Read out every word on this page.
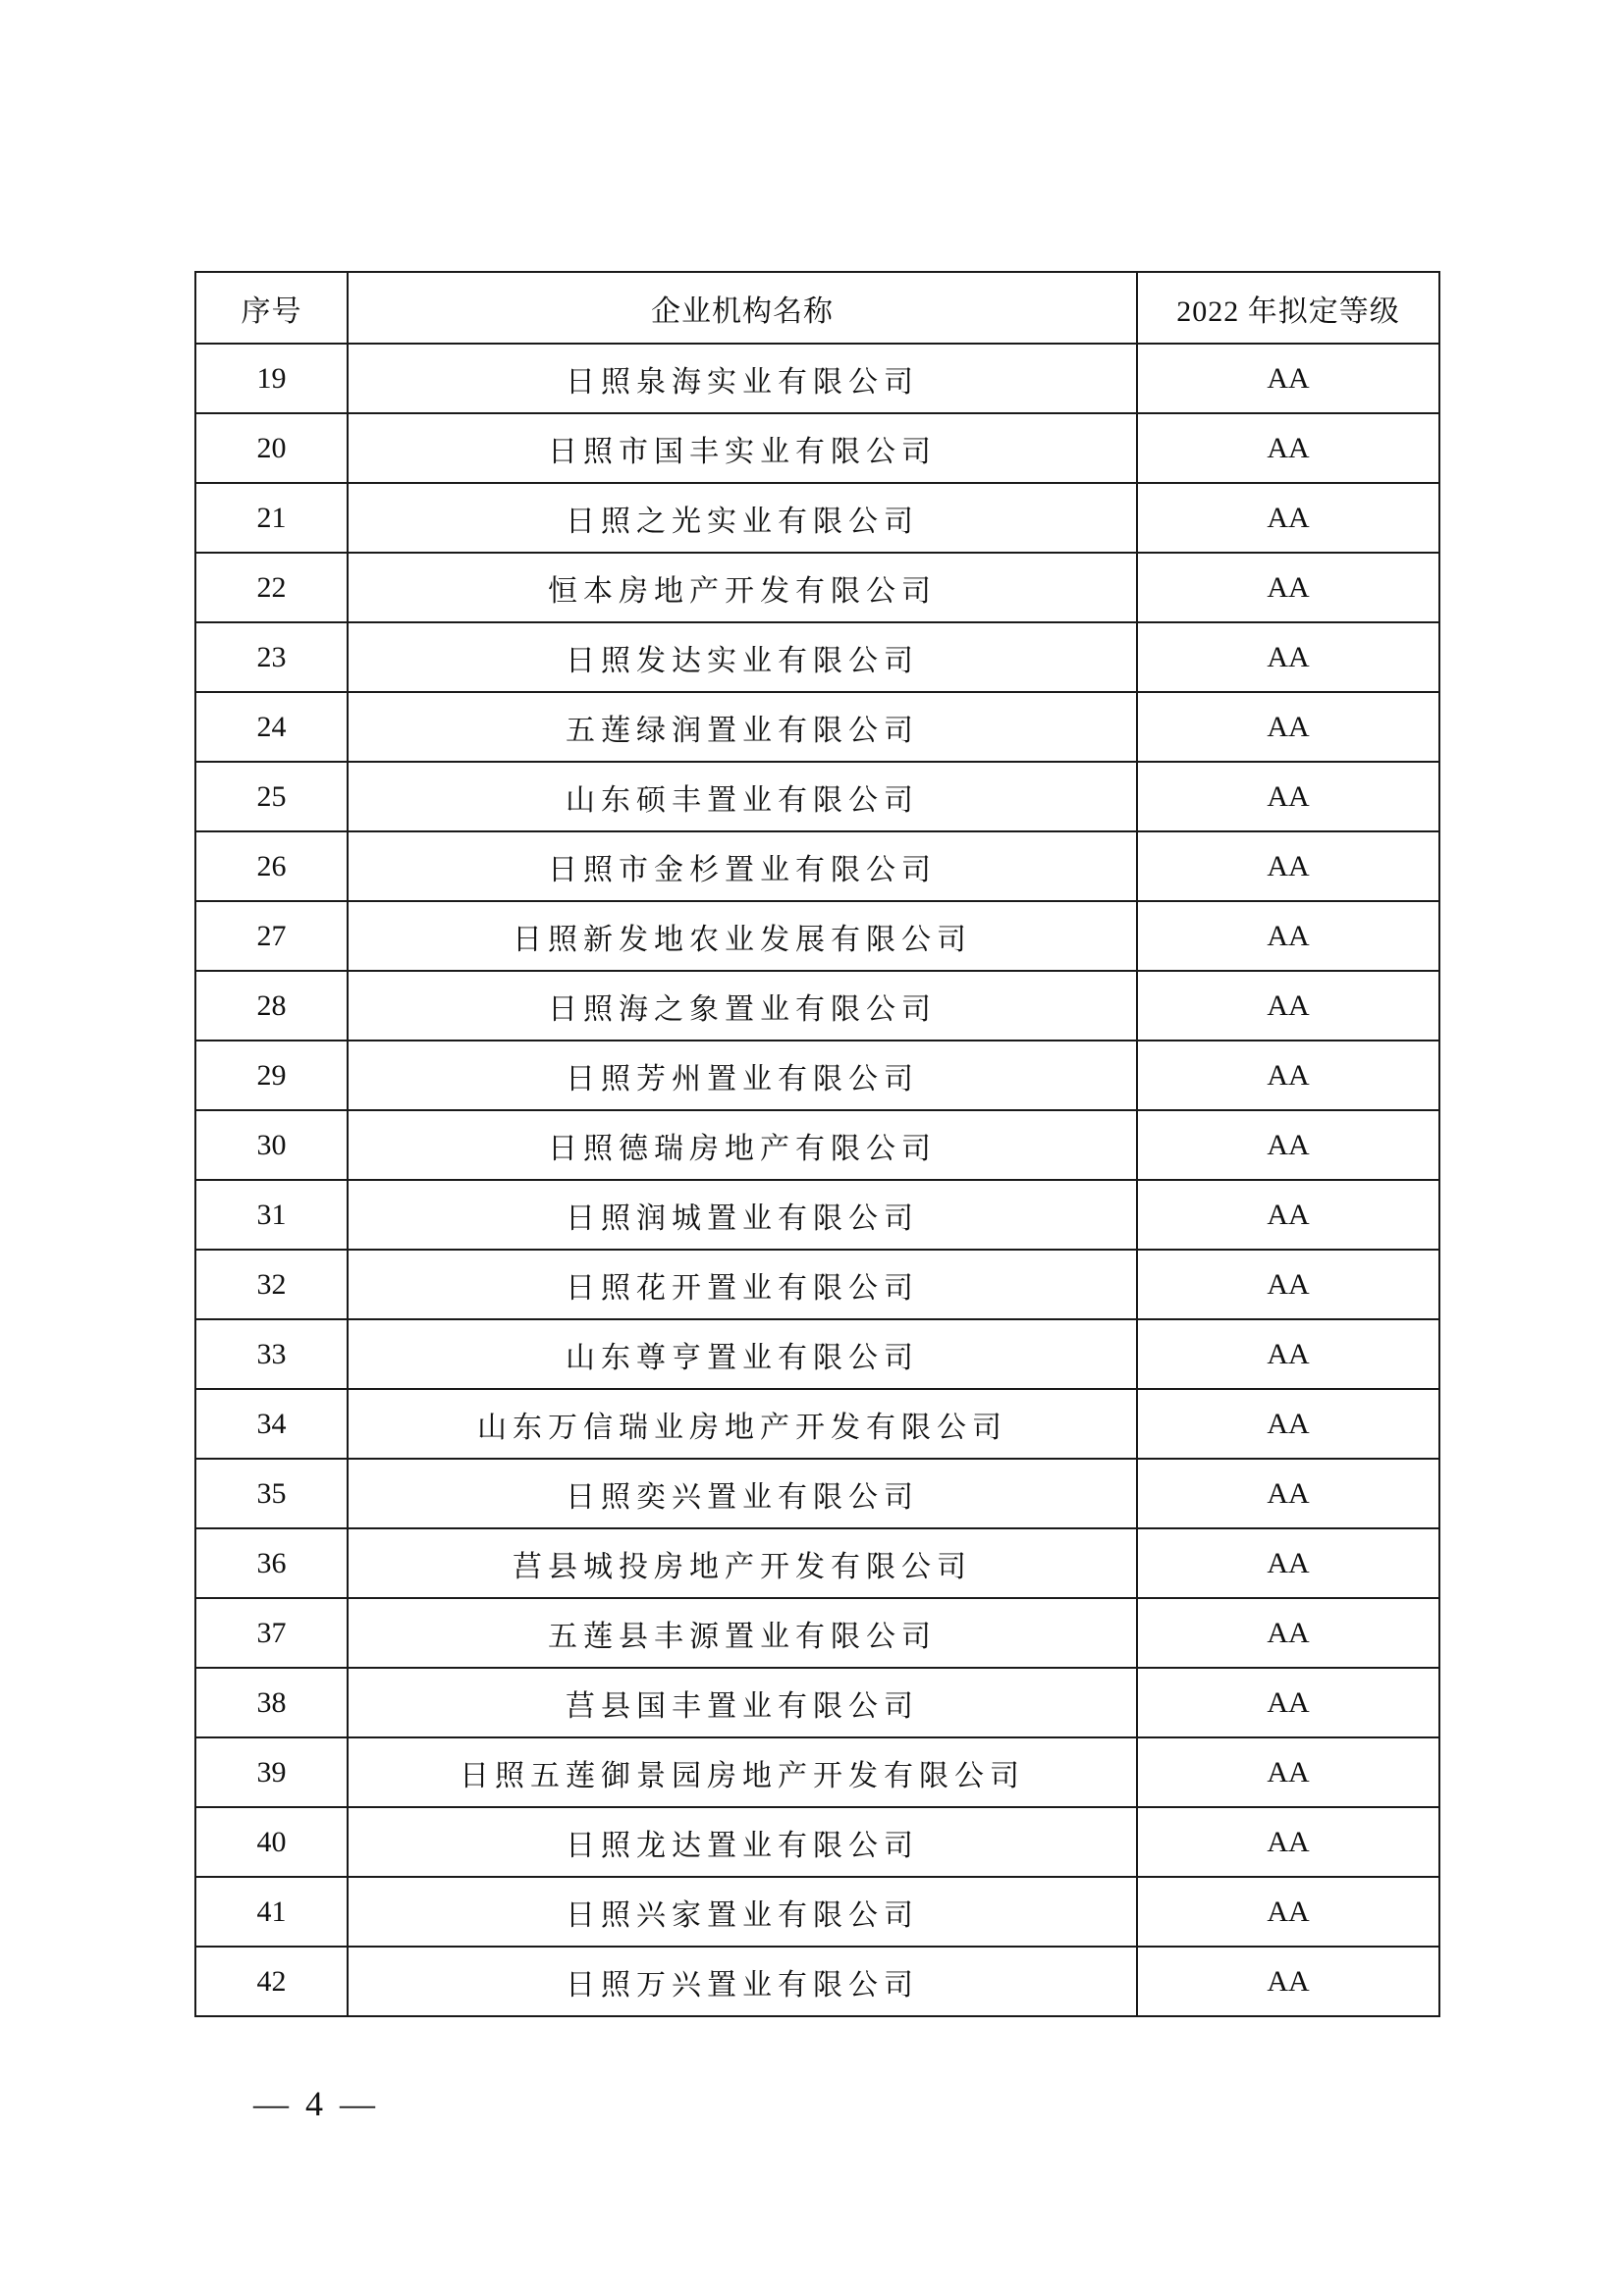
序号	企业机构名称	2022 年拟定等级
19	日照泉海实业有限公司	AA
20	日照市国丰实业有限公司	AA
21	日照之光实业有限公司	AA
22	恒本房地产开发有限公司	AA
23	日照发达实业有限公司	AA
24	五莲绿润置业有限公司	AA
25	山东硕丰置业有限公司	AA
26	日照市金杉置业有限公司	AA
27	日照新发地农业发展有限公司	AA
28	日照海之象置业有限公司	AA
29	日照芳州置业有限公司	AA
30	日照德瑞房地产有限公司	AA
31	日照润城置业有限公司	AA
32	日照花开置业有限公司	AA
33	山东尊亨置业有限公司	AA
34	山东万信瑞业房地产开发有限公司	AA
35	日照奕兴置业有限公司	AA
36	莒县城投房地产开发有限公司	AA
37	五莲县丰源置业有限公司	AA
38	莒县国丰置业有限公司	AA
39	日照五莲御景园房地产开发有限公司	AA
40	日照龙达置业有限公司	AA
41	日照兴家置业有限公司	AA
42	日照万兴置业有限公司	AA
— 4 —
